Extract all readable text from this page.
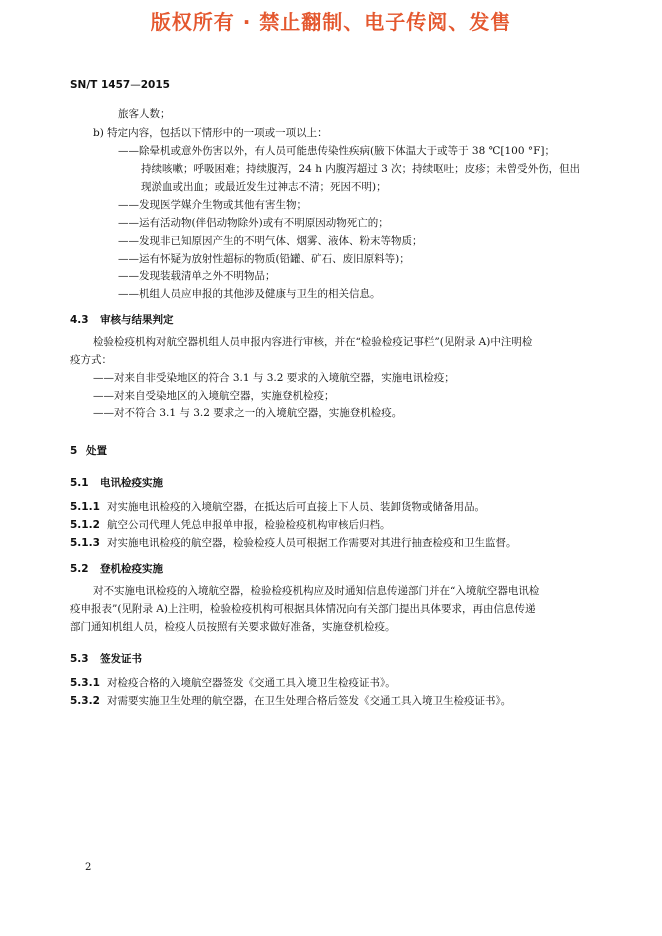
版权所有 · 禁止翻制、电子传阅、发售
SN/T 1457—2015
旅客人数；
b) 特定内容，包括以下情形中的一项或一项以上：
——除晕机或意外伤害以外，有人员可能患传染性疾病(腋下体温大于或等于 38 ℃[100 °F]；
持续咳嗽；呼吸困难；持续腹泻，24 h 内腹泻超过 3 次；持续呕吐；皮疹；未曾受外伤，但出
现淤血或出血；或最近发生过神志不清；死因不明)；
——发现医学媒介生物或其他有害生物；
——运有活动物(伴侣动物除外)或有不明原因动物死亡的；
——发现非已知原因产生的不明气体、烟雾、液体、粉末等物质；
——运有怀疑为放射性超标的物质(铅罐、矿石、废旧原料等)；
——发现装载清单之外不明物品；
——机组人员应申报的其他涉及健康与卫生的相关信息。
4.3 审核与结果判定
检验检疫机构对航空器机组人员申报内容进行审核，并在“检验检疫记事栏”(见附录 A)中注明检
疫方式：
——对来自非受染地区的符合 3.1 与 3.2 要求的入境航空器，实施电讯检疫；
——对来自受染地区的入境航空器，实施登机检疫；
——对不符合 3.1 与 3.2 要求之一的入境航空器，实施登机检疫。
5 处置
5.1 电讯检疫实施
5.1.1 对实施电讯检疫的入境航空器，在抵达后可直接上下人员、装卸货物或储备用品。
5.1.2 航空公司代理人凭总申报单申报，检验检疫机构审核后归档。
5.1.3 对实施电讯检疫的航空器，检验检疫人员可根据工作需要对其进行抽查检疫和卫生监督。
5.2 登机检疫实施
对不实施电讯检疫的入境航空器，检验检疫机构应及时通知信息传递部门并在“入境航空器电讯检
疫申报表”(见附录 A)上注明，检验检疫机构可根据具体情况向有关部门提出具体要求，再由信息传递
部门通知机组人员，检疫人员按照有关要求做好准备，实施登机检疫。
5.3 签发证书
5.3.1 对检疫合格的入境航空器签发《交通工具入境卫生检疫证书》。
5.3.2 对需要实施卫生处理的航空器，在卫生处理合格后签发《交通工具入境卫生检疫证书》。
2
